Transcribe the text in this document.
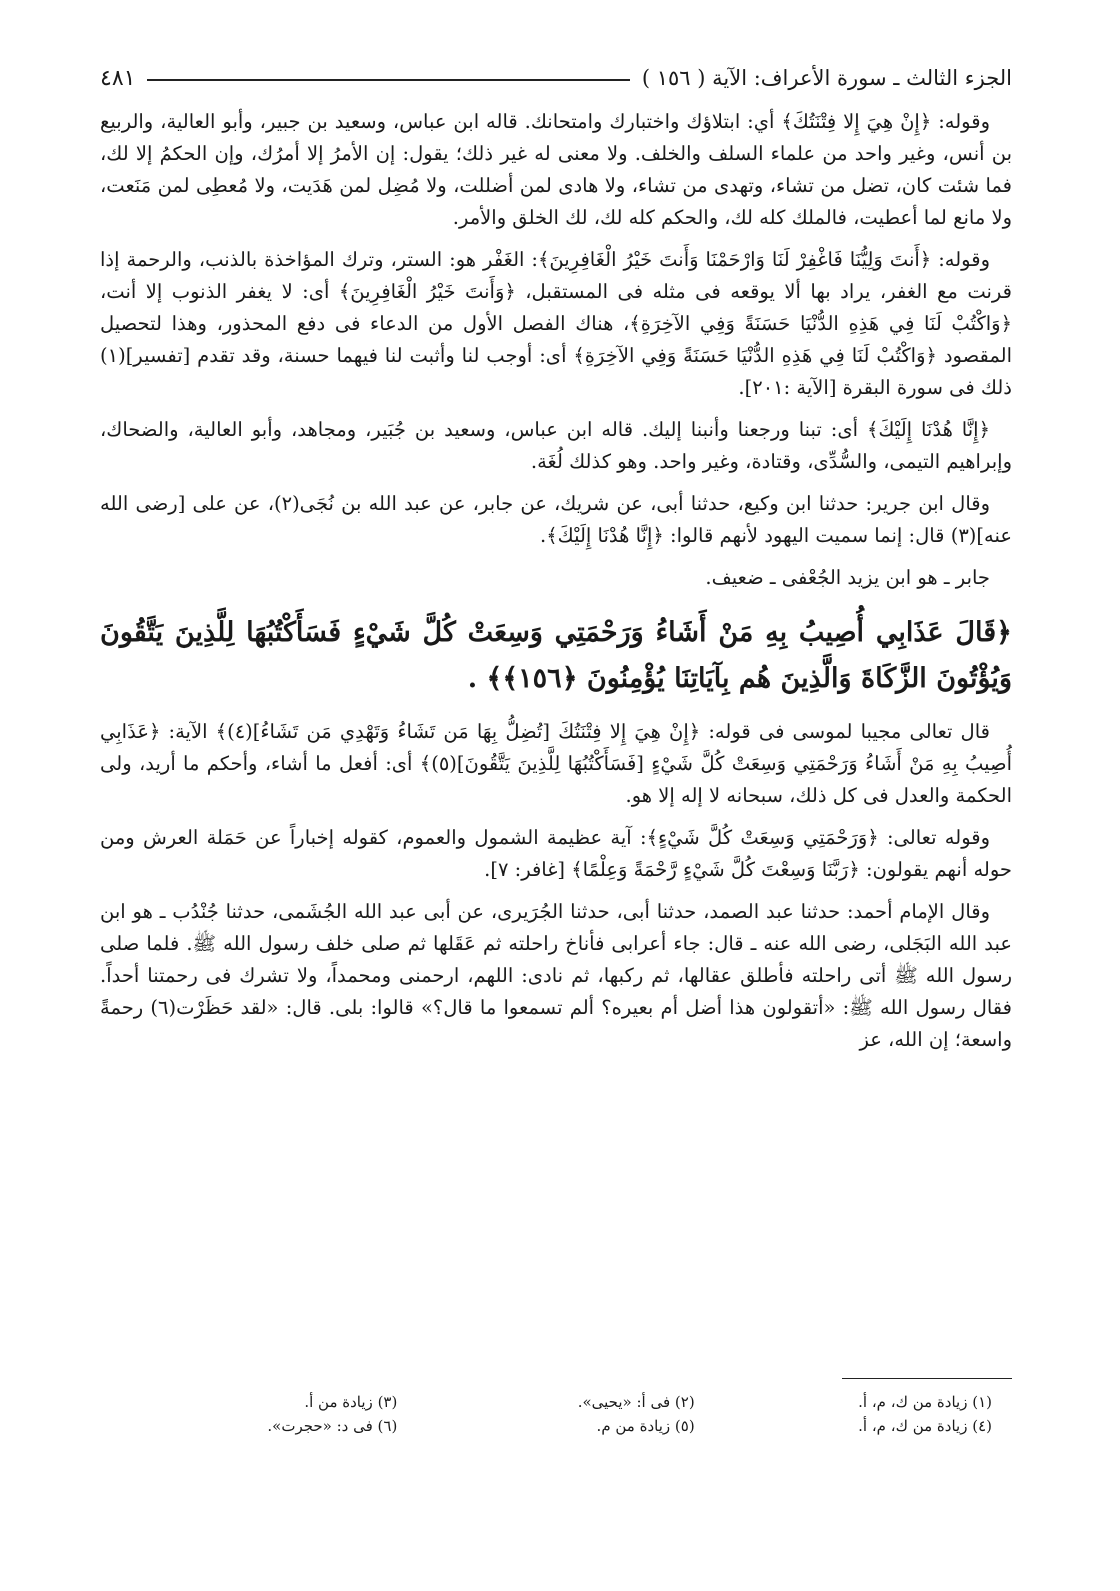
الجزء الثالث ـ سورة الأعراف: الآية ( ١٥٦ )
٤٨١

وقوله: ﴿إِنْ هِيَ إِلا فِتْنَتُكَ﴾ أي: ابتلاؤك واختبارك وامتحانك. قاله ابن عباس، وسعيد بن جبير، وأبو العالية، والربيع بن أنس، وغير واحد من علماء السلف والخلف. ولا معنى له غير ذلك؛ يقول: إن الأمرُ إلا أمرُك، وإن الحكمُ إلا لك، فما شئت كان، تضل من تشاء، وتهدى من تشاء، ولا هادى لمن أضللت، ولا مُضِل لمن هَدَيت، ولا مُعطِى لمن مَنَعت، ولا مانع لما أعطيت، فالملك كله لك، والحكم كله لك، لك الخلق والأمر.

وقوله: ﴿أَنتَ وَلِيُّنَا فَاغْفِرْ لَنَا وَارْحَمْنَا وَأَنتَ خَيْرُ الْغَافِرِينَ﴾: الغَفْر هو: الستر، وترك المؤاخذة بالذنب، والرحمة إذا قرنت مع الغفر، يراد بها ألا يوقعه فى مثله فى المستقبل، ﴿وَأَنتَ خَيْرُ الْغَافِرِينَ﴾ أى: لا يغفر الذنوب إلا أنت، ﴿وَاكْتُبْ لَنَا فِي هَذِهِ الدُّنْيَا حَسَنَةً وَفِي الآخِرَةِ﴾، هناك الفصل الأول من الدعاء فى دفع المحذور، وهذا لتحصيل المقصود ﴿وَاكْتُبْ لَنَا فِي هَذِهِ الدُّنْيَا حَسَنَةً وَفِي الآخِرَةِ﴾ أى: أوجب لنا وأثبت لنا فيهما حسنة، وقد تقدم [تفسير](١) ذلك فى سورة البقرة [الآية :٢٠١].

﴿إِنَّا هُدْنَا إِلَيْكَ﴾ أى: تبنا ورجعنا وأنبنا إليك. قاله ابن عباس، وسعيد بن جُبَير، ومجاهد، وأبو العالية، والضحاك، وإبراهيم التيمى، والسُّدِّى، وقتادة، وغير واحد. وهو كذلك لُغَة.

وقال ابن جرير: حدثنا ابن وكيع، حدثنا أبى، عن شريك، عن جابر، عن عبد الله بن نُجَى(٢)، عن على [رضى الله عنه](٣) قال: إنما سميت اليهود لأنهم قالوا: ﴿إِنَّا هُدْنَا إِلَيْكَ﴾.

جابر ـ هو ابن يزيد الجُعْفى ـ ضعيف.

﴿قَالَ عَذَابِي أُصِيبُ بِهِ مَنْ أَشَاءُ وَرَحْمَتِي وَسِعَتْ كُلَّ شَيْءٍ فَسَأَكْتُبُهَا لِلَّذِينَ يَتَّقُونَ وَيُؤْتُونَ الزَّكَاةَ وَالَّذِينَ هُم بِآيَاتِنَا يُؤْمِنُونَ ﴿١٥٦﴾﴾ .

قال تعالى مجيبا لموسى فى قوله: ﴿إِنْ هِيَ إِلا فِتْنَتُكَ [تُضِلُّ بِهَا مَن تَشَاءُ وَتَهْدِي مَن تَشَاءُ](٤)﴾ الآية: ﴿عَذَابِي أُصِيبُ بِهِ مَنْ أَشَاءُ وَرَحْمَتِي وَسِعَتْ كُلَّ شَيْءٍ [فَسَأَكْتُبُهَا لِلَّذِينَ يَتَّقُونَ](٥)﴾ أى: أفعل ما أشاء، وأحكم ما أريد، ولى الحكمة والعدل فى كل ذلك، سبحانه لا إله إلا هو.

وقوله تعالى: ﴿وَرَحْمَتِي وَسِعَتْ كُلَّ شَيْءٍ﴾: آية عظيمة الشمول والعموم، كقوله إخباراً عن حَمَلة العرش ومن حوله أنهم يقولون: ﴿رَبَّنَا وَسِعْتَ كُلَّ شَيْءٍ رَّحْمَةً وَعِلْمًا﴾ [غافر: ٧].

وقال الإمام أحمد: حدثنا عبد الصمد، حدثنا أبى، حدثنا الجُرَيرى، عن أبى عبد الله الجُشَمى، حدثنا جُنْدُب ـ هو ابن عبد الله البَجَلى، رضى الله عنه ـ قال: جاء أعرابى فأناخ راحلته ثم عَقَلها ثم صلى خلف رسول الله ﷺ. فلما صلى رسول الله ﷺ أتى راحلته فأطلق عقالها، ثم ركبها، ثم نادى: اللهم، ارحمنى ومحمداً، ولا تشرك فى رحمتنا أحداً. فقال رسول الله ﷺ: «أتقولون هذا أضل أم بعيره؟ ألم تسمعوا ما قال؟» قالوا: بلى. قال: «لقد حَظَرْت(٦) رحمةً واسعة؛ إن الله، عز

(١) زيادة من ك، م، أ.
(٢) فى أ: «يحيى».
(٣) زيادة من أ.
(٤) زيادة من ك، م، أ.
(٥) زيادة من م.
(٦) فى د: «حجرت».
